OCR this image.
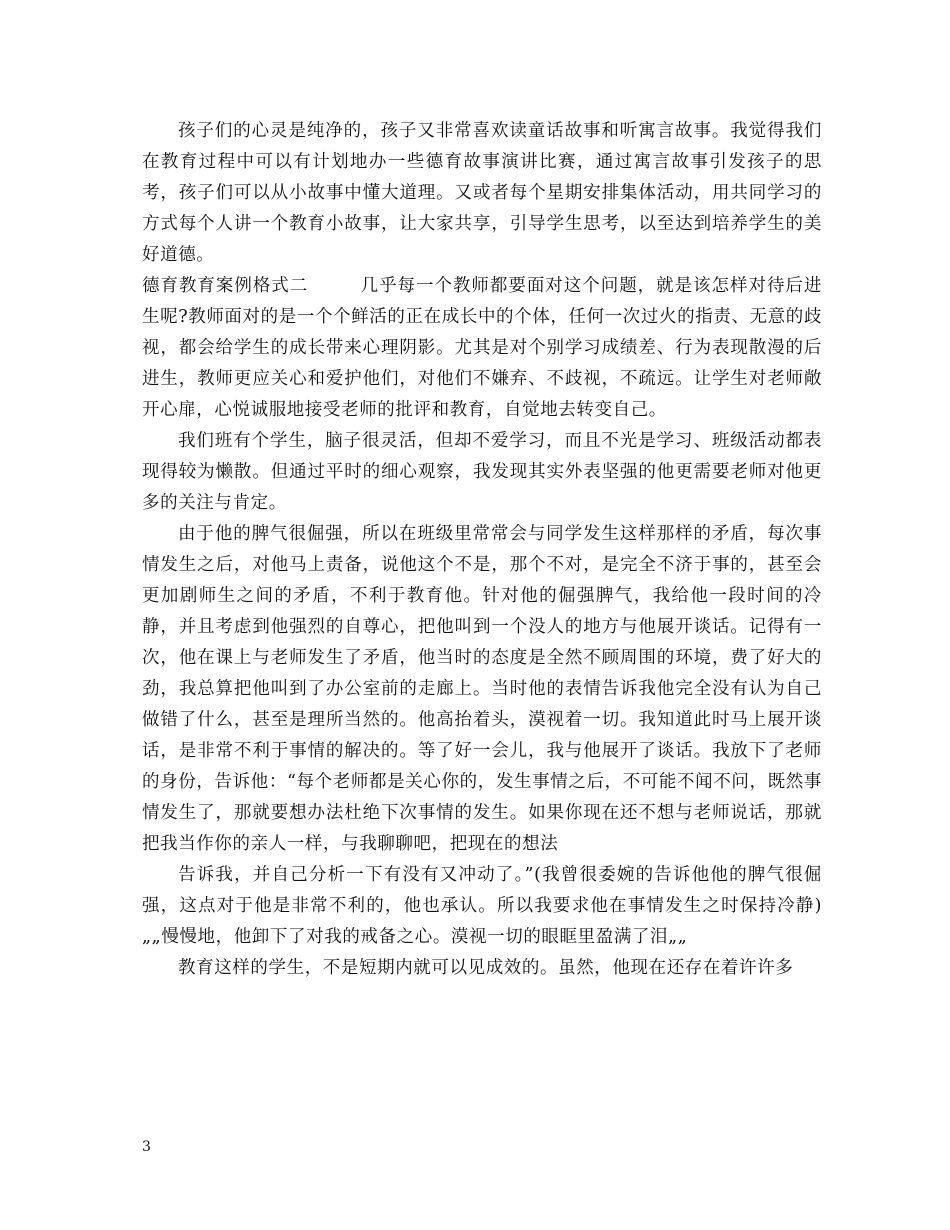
孩子们的心灵是纯净的，孩子又非常喜欢读童话故事和听寓言故事。我觉得我们在教育过程中可以有计划地办一些德育故事演讲比赛，通过寓言故事引发孩子的思考，孩子们可以从小故事中懂大道理。又或者每个星期安排集体活动，用共同学习的方式每个人讲一个教育小故事，让大家共享，引导学生思考，以至达到培养学生的美好道德。

德育教育案例格式二	几乎每一个教师都要面对这个问题，就是该怎样对待后进生呢?教师面对的是一个个鲜活的正在成长中的个体，任何一次过火的指责、无意的歧视，都会给学生的成长带来心理阴影。尤其是对个别学习成绩差、行为表现散漫的后进生，教师更应关心和爱护他们，对他们不嫌弃、不歧视，不疏远。让学生对老师敞开心扉，心悦诚服地接受老师的批评和教育，自觉地去转变自己。

我们班有个学生，脑子很灵活，但却不爱学习，而且不光是学习、班级活动都表现得较为懒散。但通过平时的细心观察，我发现其实外表坚强的他更需要老师对他更多的关注与肯定。

由于他的脾气很倔强，所以在班级里常常会与同学发生这样那样的矛盾，每次事情发生之后，对他马上责备，说他这个不是，那个不对，是完全不济于事的，甚至会更加剧师生之间的矛盾，不利于教育他。针对他的倔强脾气，我给他一段时间的冷静，并且考虑到他强烈的自尊心，把他叫到一个没人的地方与他展开谈话。记得有一次，他在课上与老师发生了矛盾，他当时的态度是全然不顾周围的环境，费了好大的劲，我总算把他叫到了办公室前的走廊上。当时他的表情告诉我他完全没有认为自己做错了什么，甚至是理所当然的。他高抬着头，漠视着一切。我知道此时马上展开谈话，是非常不利于事情的解决的。等了好一会儿，我与他展开了谈话。我放下了老师的身份，告诉他：“每个老师都是关心你的，发生事情之后，不可能不闻不问，既然事情发生了，那就要想办法杜绝下次事情的发生。如果你现在还不想与老师说话，那就把我当作你的亲人一样，与我聊聊吧，把现在的想法

告诉我，并自己分析一下有没有又冲动了。”(我曾很委婉的告诉他他的脾气很倔强，这点对于他是非常不利的，他也承认。所以我要求他在事情发生之时保持冷静)„„慢慢地，他卸下了对我的戒备之心。漠视一切的眼眶里盈满了泪„„

教育这样的学生，不是短期内就可以见成效的。虽然，他现在还存在着许许多

3
